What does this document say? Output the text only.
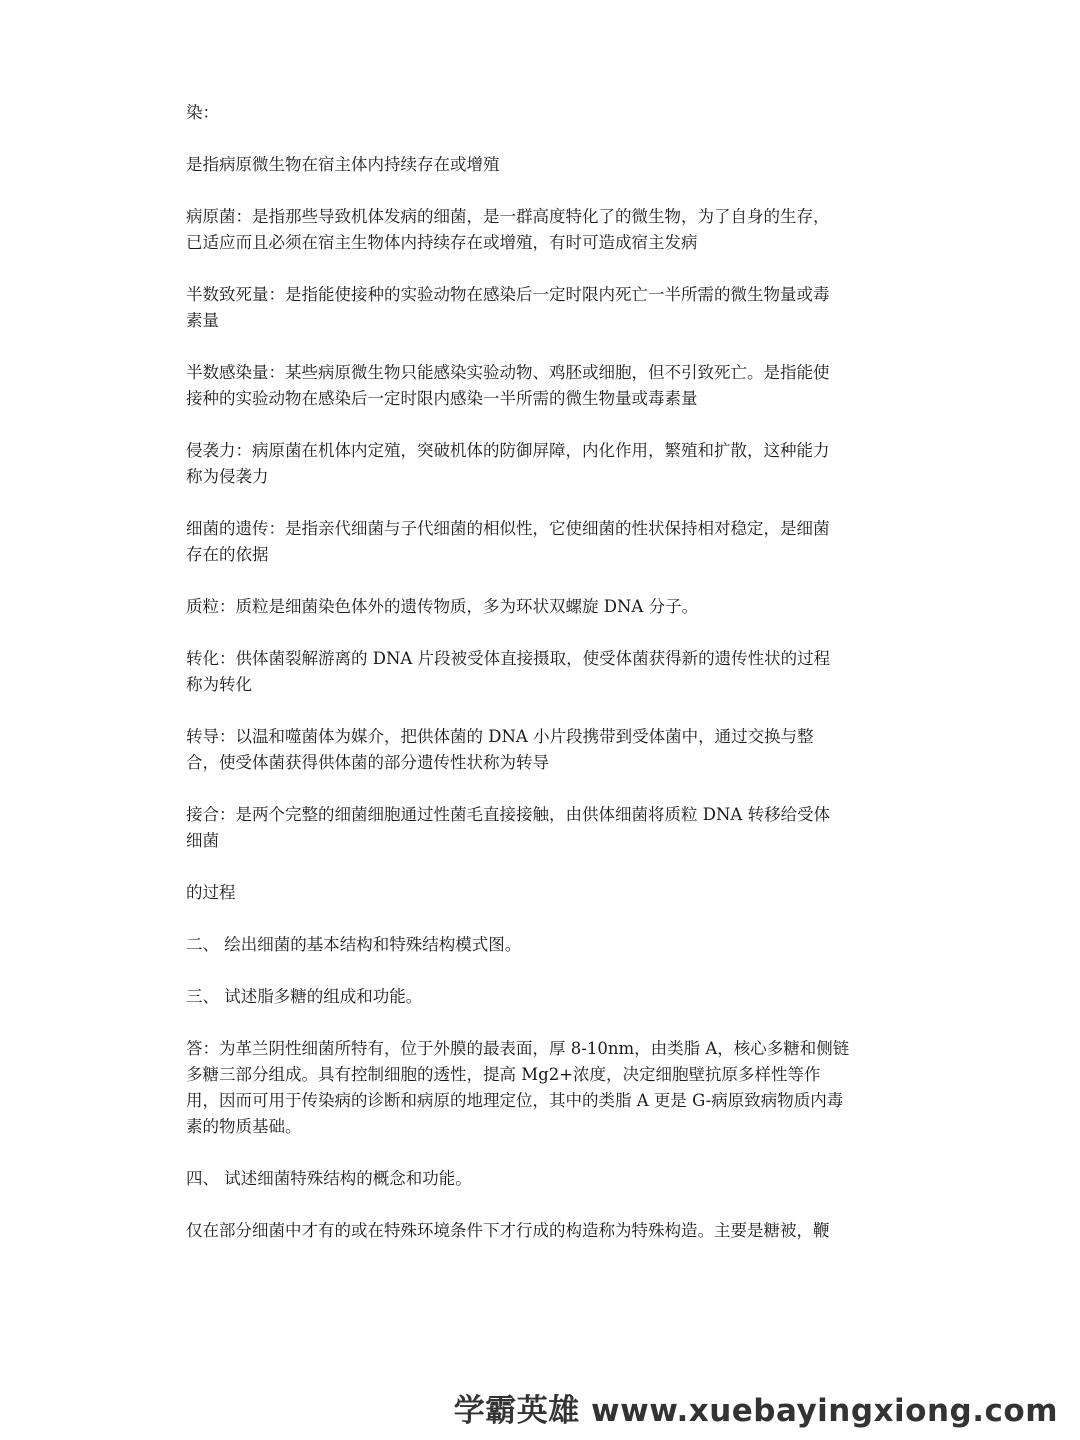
染：

是指病原微生物在宿主体内持续存在或增殖

病原菌：是指那些导致机体发病的细菌，是一群高度特化了的微生物，为了自身的生存，
已适应而且必须在宿主生物体内持续存在或增殖，有时可造成宿主发病

半数致死量：是指能使接种的实验动物在感染后一定时限内死亡一半所需的微生物量或毒
素量

半数感染量：某些病原微生物只能感染实验动物、鸡胚或细胞，但不引致死亡。是指能使
接种的实验动物在感染后一定时限内感染一半所需的微生物量或毒素量

侵袭力：病原菌在机体内定殖，突破机体的防御屏障，内化作用，繁殖和扩散，这种能力
称为侵袭力

细菌的遗传：是指亲代细菌与子代细菌的相似性，它使细菌的性状保持相对稳定，是细菌
存在的依据

质粒：质粒是细菌染色体外的遗传物质，多为环状双螺旋 DNA 分子。

转化：供体菌裂解游离的 DNA 片段被受体直接摄取，使受体菌获得新的遗传性状的过程
称为转化

转导：以温和噬菌体为媒介，把供体菌的 DNA 小片段携带到受体菌中，通过交换与整
合，使受体菌获得供体菌的部分遗传性状称为转导

接合：是两个完整的细菌细胞通过性菌毛直接接触，由供体细菌将质粒 DNA 转移给受体
细菌

的过程

二、 绘出细菌的基本结构和特殊结构模式图。

三、 试述脂多糖的组成和功能。

答：为革兰阴性细菌所特有，位于外膜的最表面，厚 8-10nm，由类脂 A，核心多糖和侧链
多糖三部分组成。具有控制细胞的透性，提高 Mg2+浓度，决定细胞壁抗原多样性等作
用，因而可用于传染病的诊断和病原的地理定位，其中的类脂 A 更是 G-病原致病物质内毒
素的物质基础。

四、 试述细菌特殊结构的概念和功能。

仅在部分细菌中才有的或在特殊环境条件下才行成的构造称为特殊构造。主要是糖被，鞭

学霸英雄 www.xuebayingxiong.com
